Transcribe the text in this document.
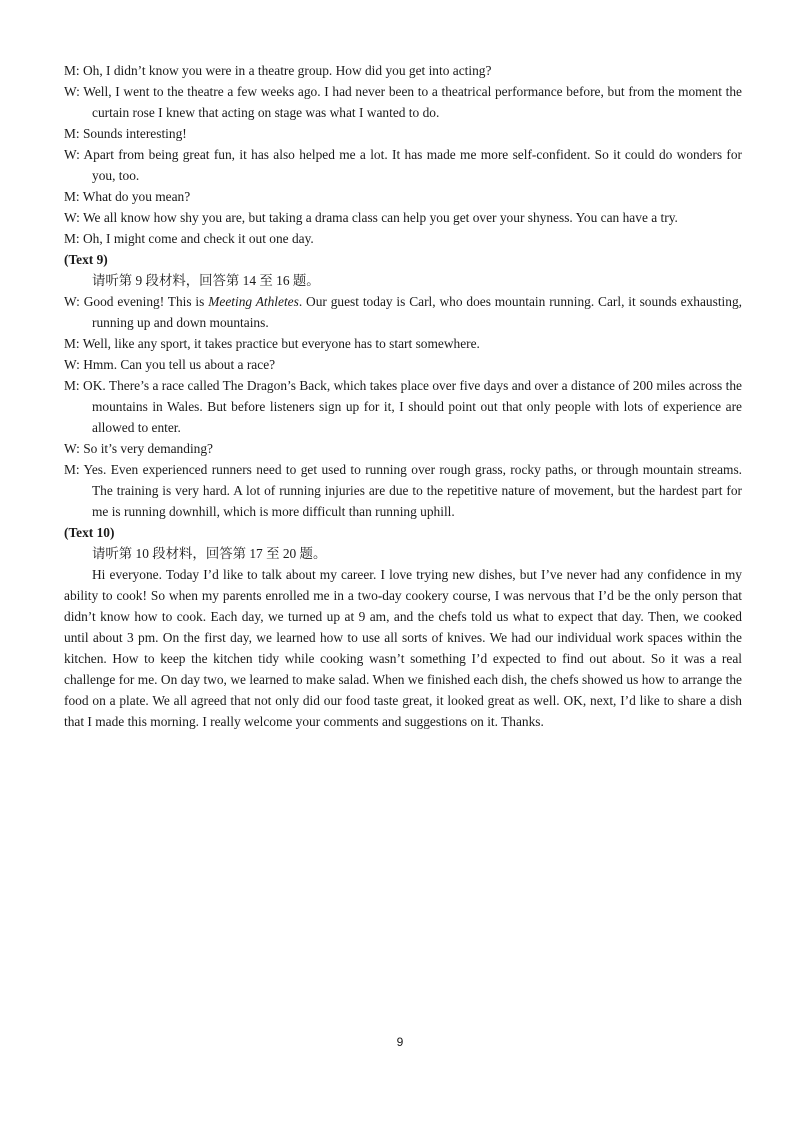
M: Oh, I didn’t know you were in a theatre group. How did you get into acting?

W: Well, I went to the theatre a few weeks ago. I had never been to a theatrical performance before, but from the moment the curtain rose I knew that acting on stage was what I wanted to do.

M: Sounds interesting!

W: Apart from being great fun, it has also helped me a lot. It has made me more self-confident. So it could do wonders for you, too.

M: What do you mean?

W: We all know how shy you are, but taking a drama class can help you get over your shyness. You can have a try.

M: Oh, I might come and check it out one day.

(Text 9)

请听第 9 段材料，回答第 14 至 16 题。

W: Good evening! This is Meeting Athletes. Our guest today is Carl, who does mountain running. Carl, it sounds exhausting, running up and down mountains.

M: Well, like any sport, it takes practice but everyone has to start somewhere.

W: Hmm. Can you tell us about a race?

M: OK. There’s a race called The Dragon’s Back, which takes place over five days and over a distance of 200 miles across the mountains in Wales. But before listeners sign up for it, I should point out that only people with lots of experience are allowed to enter.

W: So it’s very demanding?

M: Yes. Even experienced runners need to get used to running over rough grass, rocky paths, or through mountain streams. The training is very hard. A lot of running injuries are due to the repetitive nature of movement, but the hardest part for me is running downhill, which is more difficult than running uphill.

(Text 10)

请听第 10 段材料，回答第 17 至 20 题。

Hi everyone. Today I’d like to talk about my career. I love trying new dishes, but I’ve never had any confidence in my ability to cook! So when my parents enrolled me in a two-day cookery course, I was nervous that I’d be the only person that didn’t know how to cook. Each day, we turned up at 9 am, and the chefs told us what to expect that day. Then, we cooked until about 3 pm. On the first day, we learned how to use all sorts of knives. We had our individual work spaces within the kitchen. How to keep the kitchen tidy while cooking wasn’t something I’d expected to find out about. So it was a real challenge for me. On day two, we learned to make salad. When we finished each dish, the chefs showed us how to arrange the food on a plate. We all agreed that not only did our food taste great, it looked great as well. OK, next, I’d like to share a dish that I made this morning. I really welcome your comments and suggestions on it. Thanks.

9
